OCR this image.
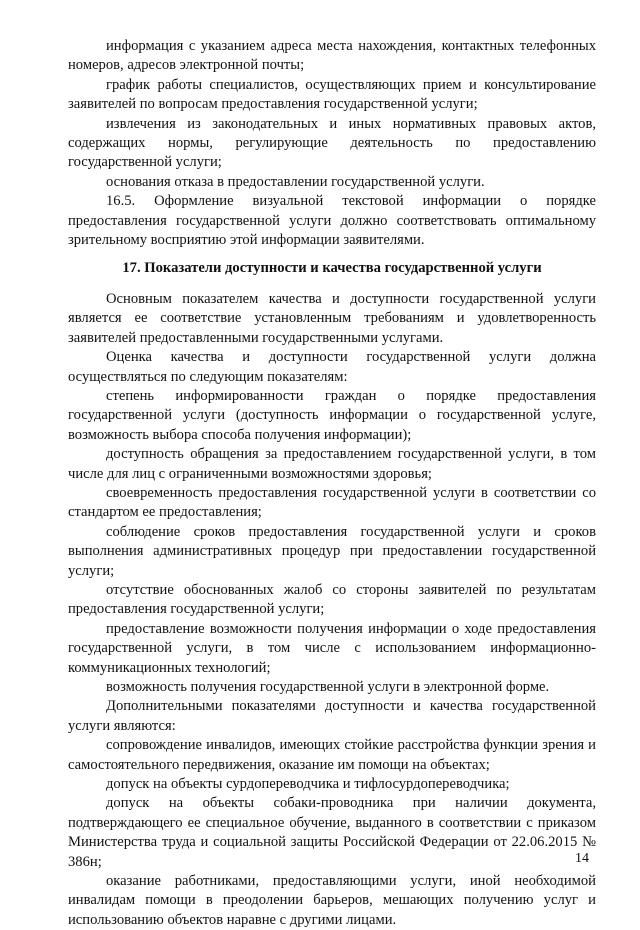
информация с указанием адреса места нахождения, контактных телефонных номеров, адресов электронной почты;

график работы специалистов, осуществляющих прием и консультирование заявителей по вопросам предоставления государственной услуги;

извлечения из законодательных и иных нормативных правовых актов, содержащих нормы, регулирующие деятельность по предоставлению государственной услуги;

основания отказа в предоставлении государственной услуги.

16.5. Оформление визуальной текстовой информации о порядке предоставления государственной услуги должно соответствовать оптимальному зрительному восприятию этой информации заявителями.

17. Показатели доступности и качества государственной услуги

Основным показателем качества и доступности государственной услуги является ее соответствие установленным требованиям и удовлетворенность заявителей предоставленными государственными услугами.

Оценка качества и доступности государственной услуги должна осуществляться по следующим показателям:

степень информированности граждан о порядке предоставления государственной услуги (доступность информации о государственной услуге, возможность выбора способа получения информации);

доступность обращения за предоставлением государственной услуги, в том числе для лиц с ограниченными возможностями здоровья;

своевременность предоставления государственной услуги в соответствии со стандартом ее предоставления;

соблюдение сроков предоставления государственной услуги и сроков выполнения административных процедур при предоставлении государственной услуги;

отсутствие обоснованных жалоб со стороны заявителей по результатам предоставления государственной услуги;

предоставление возможности получения информации о ходе предоставления государственной услуги, в том числе с использованием информационно-коммуникационных технологий;

возможность получения государственной услуги в электронной форме.

Дополнительными показателями доступности и качества государственной услуги являются:

сопровождение инвалидов, имеющих стойкие расстройства функции зрения и самостоятельного передвижения, оказание им помощи на объектах;

допуск на объекты сурдопереводчика и тифлосурдопереводчика;

допуск на объекты собаки-проводника при наличии документа, подтверждающего ее специальное обучение, выданного в соответствии с приказом Министерства труда и социальной защиты Российской Федерации от 22.06.2015 № 386н;

оказание работниками, предоставляющими услуги, иной необходимой инвалидам помощи в преодолении барьеров, мешающих получению услуг и использованию объектов наравне с другими лицами.

14
